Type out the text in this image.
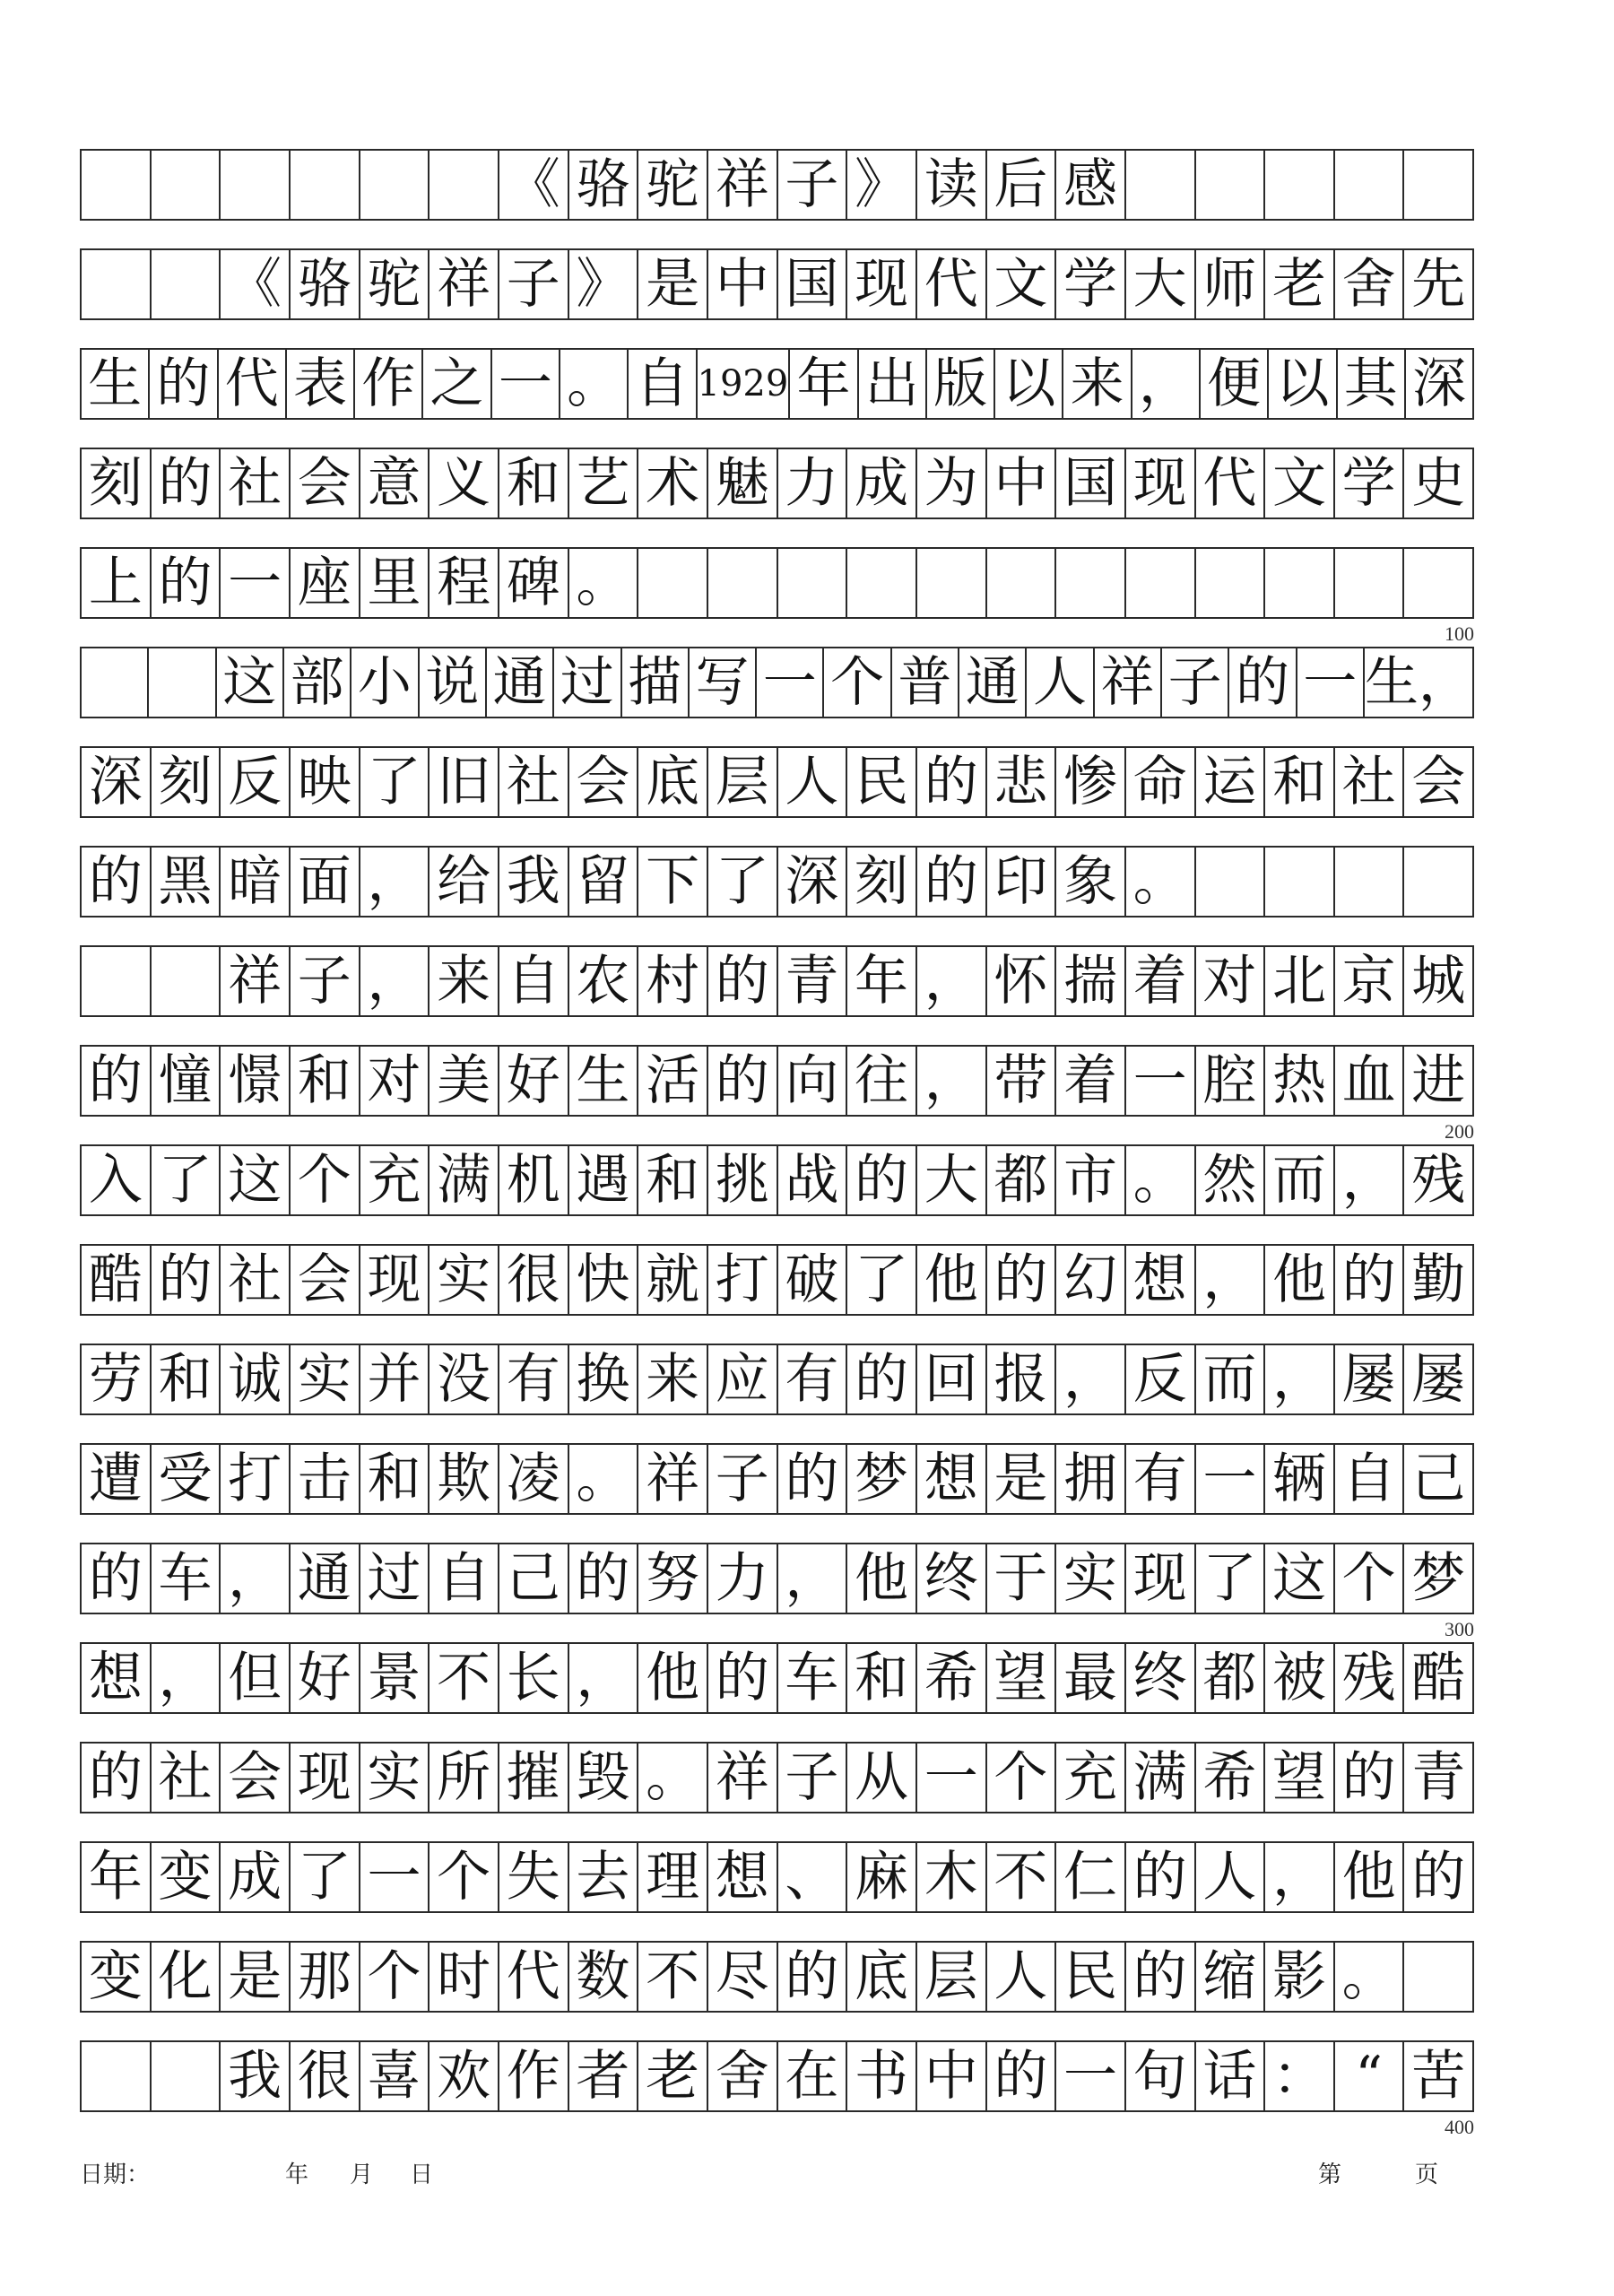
《 骆 驼 祥 子 》 读 后 感
《 骆 驼 祥 子 》 是 中 国 现 代 文 学 大 师 老 舍 先
生 的 代 表 作 之 一 。 自 1929 年 出 版 以 来 ， 便 以 其 深
刻 的 社 会 意 义 和 艺 术 魅 力 成 为 中 国 现 代 文 学 史
上 的 一 座 里 程 碑 。
这 部 小 说 通 过 描 写 一 个 普 通 人 祥 子 的 一 生，
深 刻 反 映 了 旧 社 会 底 层 人 民 的 悲 惨 命 运 和 社 会
的 黑 暗 面 ， 给 我 留 下 了 深 刻 的 印 象 。
祥 子 ， 来 自 农 村 的 青 年 ， 怀 揣 着 对 北 京 城
的 憧 憬 和 对 美 好 生 活 的 向 往 ， 带 着 一 腔 热 血 进
入 了 这 个 充 满 机 遇 和 挑 战 的 大 都 市 。 然 而 ， 残
酷 的 社 会 现 实 很 快 就 打 破 了 他 的 幻 想 ， 他 的 勤
劳 和 诚 实 并 没 有 换 来 应 有 的 回 报 ， 反 而 ， 屡 屡
遭 受 打 击 和 欺 凌 。 祥 子 的 梦 想 是 拥 有 一 辆 自 己
的 车 ， 通 过 自 己 的 努 力 ， 他 终 于 实 现 了 这 个 梦
想 ， 但 好 景 不 长 ， 他 的 车 和 希 望 最 终 都 被 残 酷
的 社 会 现 实 所 摧 毁 。 祥 子 从 一 个 充 满 希 望 的 青
年 变 成 了 一 个 失 去 理 想 、 麻 木 不 仁 的 人 ， 他 的
变 化 是 那 个 时 代 数 不 尽 的 底 层 人 民 的 缩 影 。
我 很 喜 欢 作 者 老 舍 在 书 中 的 一 句 话 ： “ 苦
100
200
300
400
日期：	年 月 日	第	页
